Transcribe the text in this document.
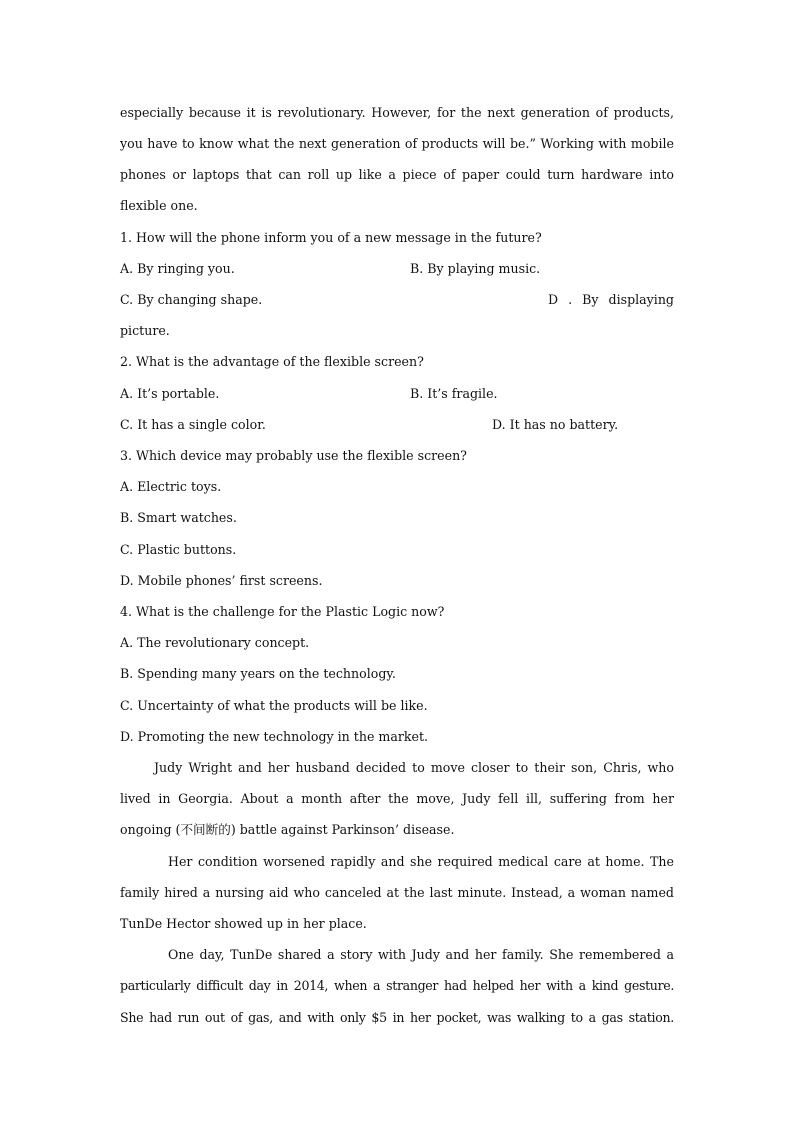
especially because it is revolutionary. However, for the next generation of products,
you have to know what the next generation of products will be.” Working with mobile
phones or laptops that can roll up like a piece of paper could turn hardware into
flexible one.
1. How will the phone inform you of a new message in the future?
A. By ringing you.	B. By playing music.
C. By changing shape.	D . By displaying
picture.
2. What is the advantage of the flexible screen?
A. It’s portable.	B. It’s fragile.
C. It has a single color.	D. It has no battery.
3. Which device may probably use the flexible screen?
A. Electric toys.
B. Smart watches.
C. Plastic buttons.
D. Mobile phones’ first screens.
4. What is the challenge for the Plastic Logic now?
A. The revolutionary concept.
B. Spending many years on the technology.
C. Uncertainty of what the products will be like.
D. Promoting the new technology in the market.
Judy Wright and her husband decided to move closer to their son, Chris, who
lived in Georgia. About a month after the move, Judy fell ill, suffering from her
ongoing (不间断的) battle against Parkinson’ disease.
Her condition worsened rapidly and she required medical care at home. The
family hired a nursing aid who canceled at the last minute. Instead, a woman named
TunDe Hector showed up in her place.
One day, TunDe shared a story with Judy and her family. She remembered a
particularly difficult day in 2014, when a stranger had helped her with a kind gesture.
She had run out of gas, and with only $5 in her pocket, was walking to a gas station.
